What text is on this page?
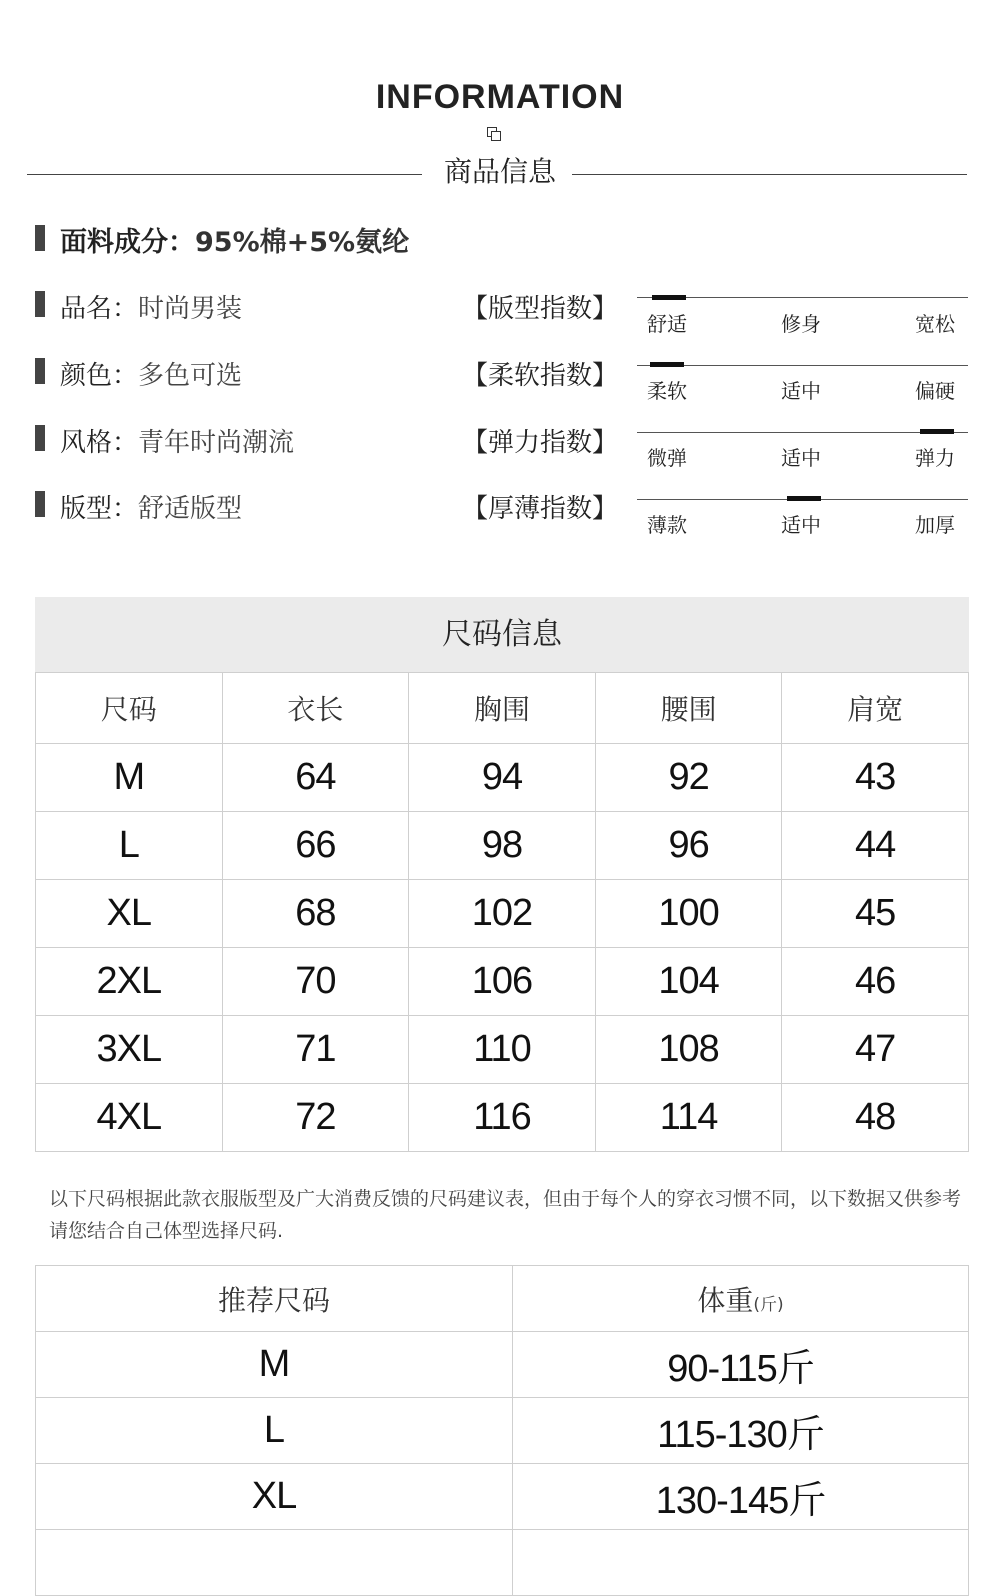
INFORMATION
商品信息
面料成分：95%棉+5%氨纶
品名：时尚男装
颜色：多色可选
风格：青年时尚潮流
版型：舒适版型
【版型指数】 舒适	修身	宽松
【柔软指数】 柔软	适中	偏硬
【弹力指数】 微弹	适中	弹力
【厚薄指数】
薄款	适中	加厚
尺码信息
尺码	衣长	胸围	腰围	肩宽
M	64	94	92	43
L	66	98	96	44
XL	68	102	100	45
2XL	70	106	104	46
3XL	71	110	108	47
4XL	72	116	114	48
以下尺码根据此款衣服版型及广大消费反馈的尺码建议表，但由于每个人的穿衣习惯不同，以下数据又供参考请您结合自己体型选择尺码.
推荐尺码	体重(斤)
M	90-115斤
L	115-130斤
XL	130-145斤
